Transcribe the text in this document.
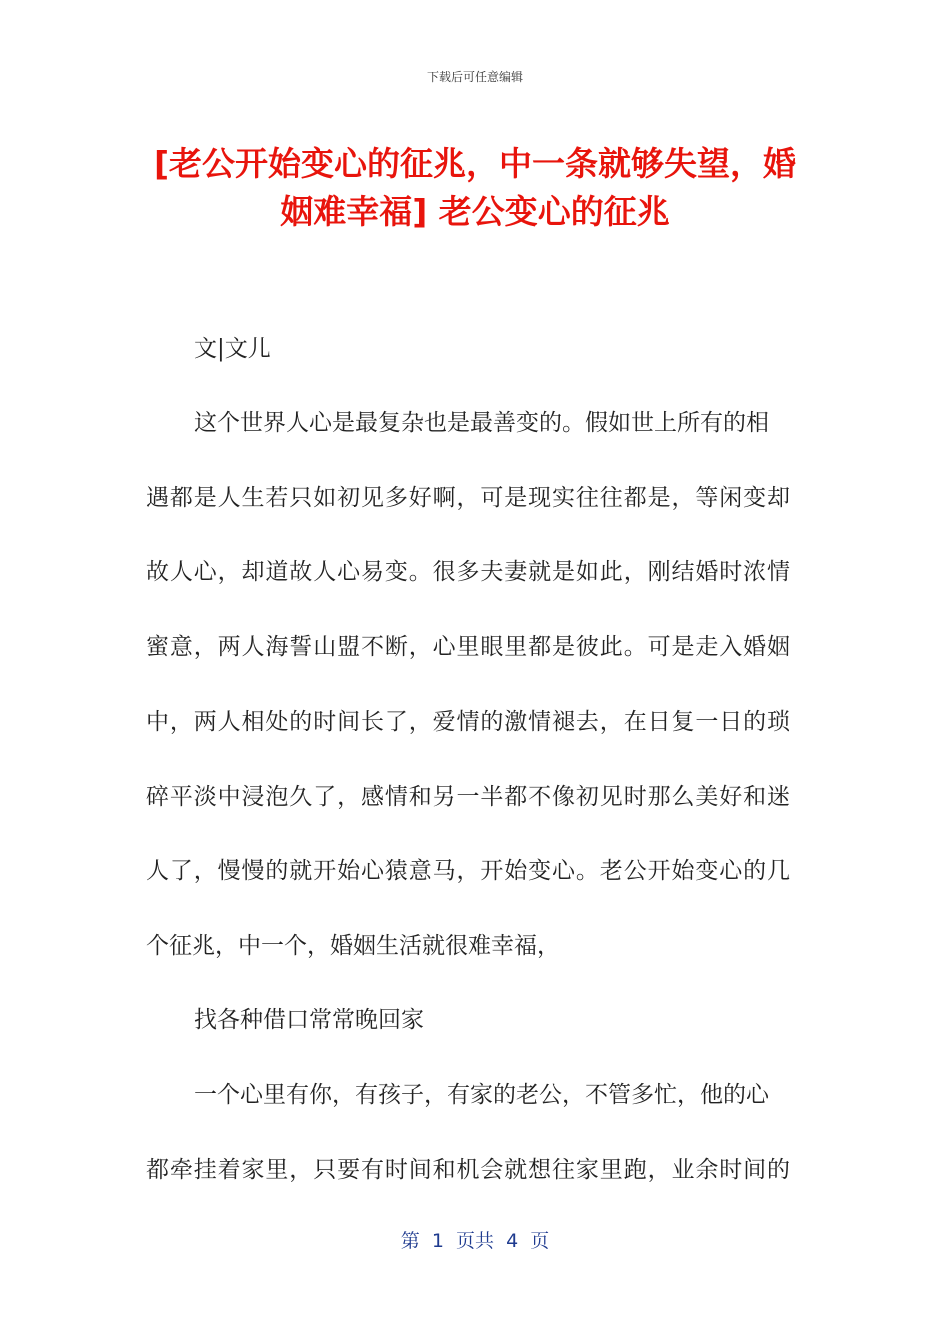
下载后可任意编辑
[老公开始变心的征兆，中一条就够失望，婚
姻难幸福] 老公变心的征兆
文|文儿
这个世界人心是最复杂也是最善变的。假如世上所有的相
遇都是人生若只如初见多好啊，可是现实往往都是，等闲变却
故人心，却道故人心易变。很多夫妻就是如此，刚结婚时浓情
蜜意，两人海誓山盟不断，心里眼里都是彼此。可是走入婚姻
中，两人相处的时间长了，爱情的激情褪去，在日复一日的琐
碎平淡中浸泡久了，感情和另一半都不像初见时那么美好和迷
人了，慢慢的就开始心猿意马，开始变心。老公开始变心的几
个征兆，中一个，婚姻生活就很难幸福，
找各种借口常常晚回家
一个心里有你，有孩子，有家的老公，不管多忙，他的心
都牵挂着家里，只要有时间和机会就想往家里跑，业余时间的
第  1  页共  4  页
